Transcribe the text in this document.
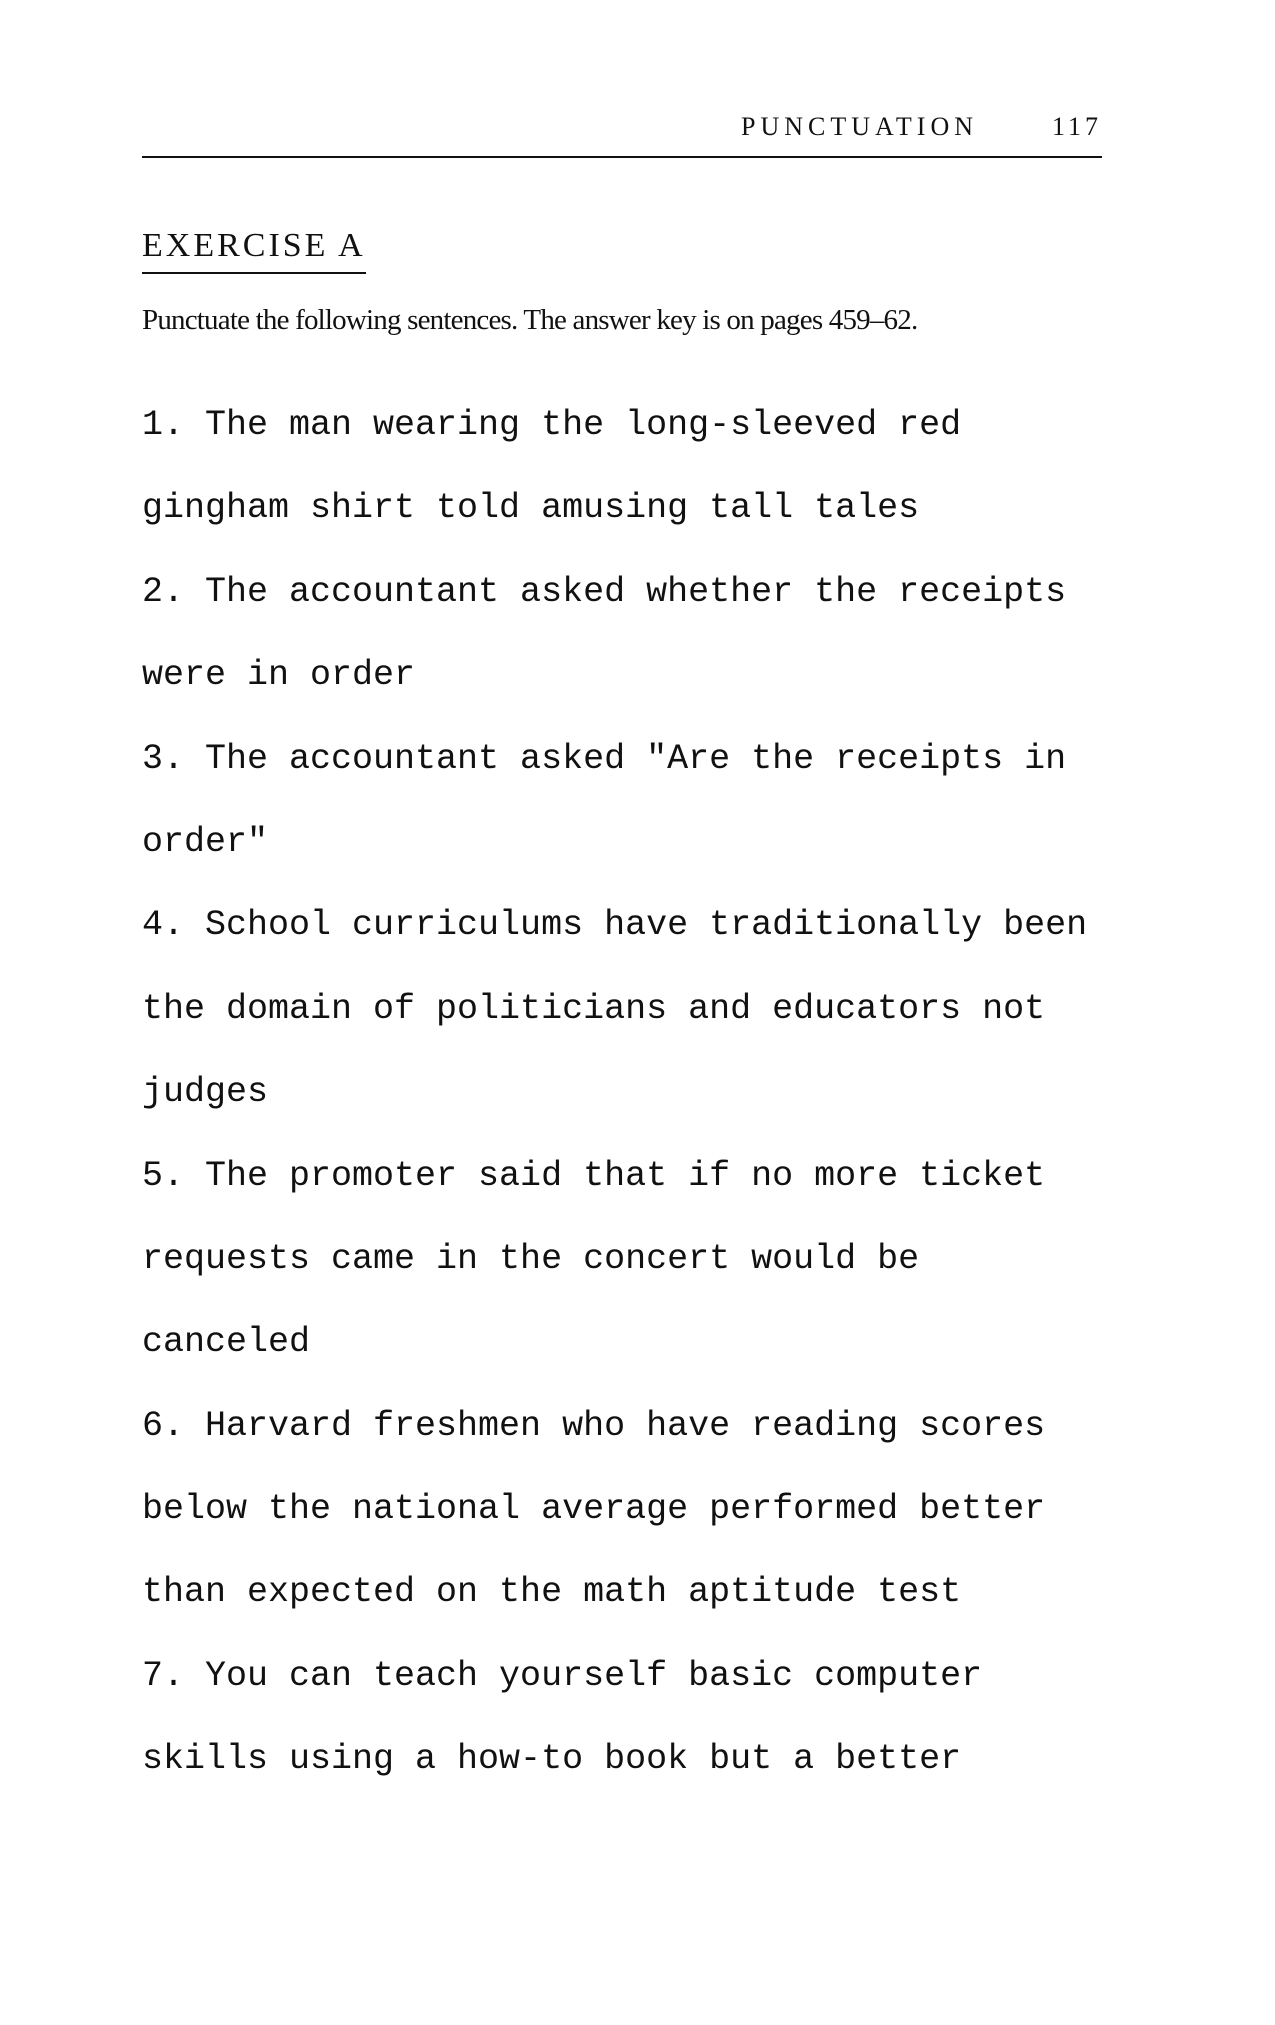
PUNCTUATION	117
EXERCISE A
Punctuate the following sentences. The answer key is on pages 459–62.
1. The man wearing the long-sleeved red
gingham shirt told amusing tall tales
2. The accountant asked whether the receipts
were in order
3. The accountant asked "Are the receipts in
order"
4. School curriculums have traditionally been
the domain of politicians and educators not
judges
5. The promoter said that if no more ticket
requests came in the concert would be
canceled
6. Harvard freshmen who have reading scores
below the national average performed better
than expected on the math aptitude test
7. You can teach yourself basic computer
skills using a how-to book but a better
